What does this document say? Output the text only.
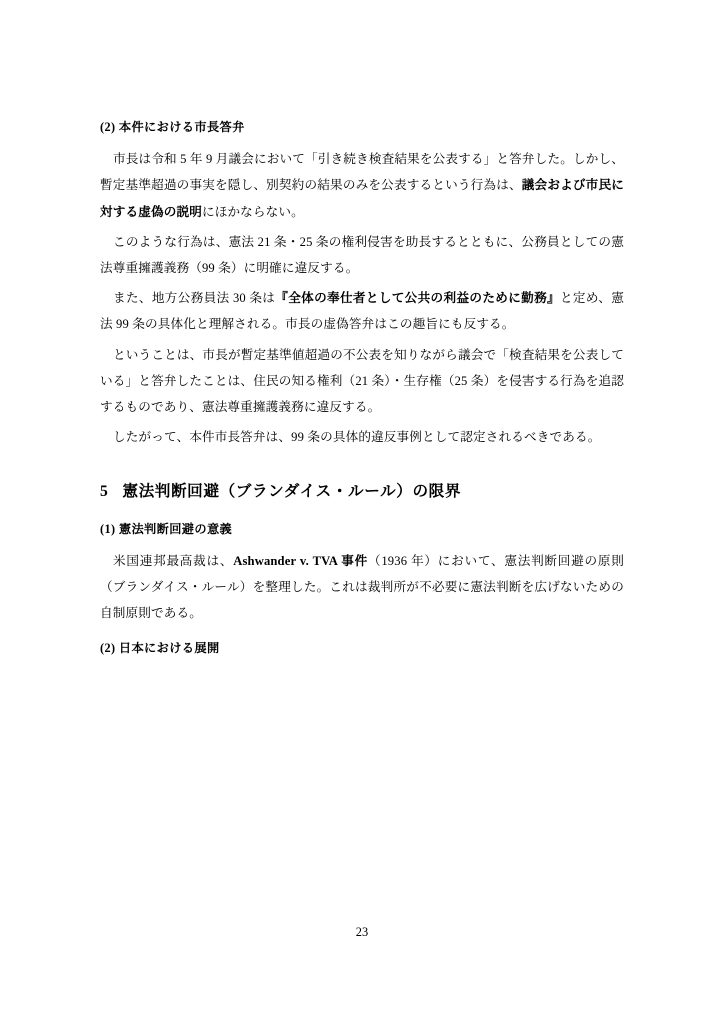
(2) 本件における市長答弁

市長は令和 5 年 9 月議会において「引き続き検査結果を公表する」と答弁した。しかし、暫定基準超過の事実を隠し、別契約の結果のみを公表するという行為は、議会および市民に対する虚偽の説明にほかならない。

このような行為は、憲法 21 条・25 条の権利侵害を助長するとともに、公務員としての憲法尊重擁護義務（99 条）に明確に違反する。

また、地方公務員法 30 条は『全体の奉仕者として公共の利益のために勤務』と定め、憲法 99 条の具体化と理解される。市長の虚偽答弁はこの趣旨にも反する。

ということは、市長が暫定基準値超過の不公表を知りながら議会で「検査結果を公表している」と答弁したことは、住民の知る権利（21 条）・生存権（25 条）を侵害する行為を追認するものであり、憲法尊重擁護義務に違反する。

したがって、本件市長答弁は、99 条の具体的違反事例として認定されるべきである。

5 憲法判断回避（ブランダイス・ルール）の限界
(1) 憲法判断回避の意義

米国連邦最高裁は、Ashwander v. TVA 事件（1936 年）において、憲法判断回避の原則（ブランダイス・ルール）を整理した。これは裁判所が不必要に憲法判断を広げないための自制原則である。

(2) 日本における展開
23
